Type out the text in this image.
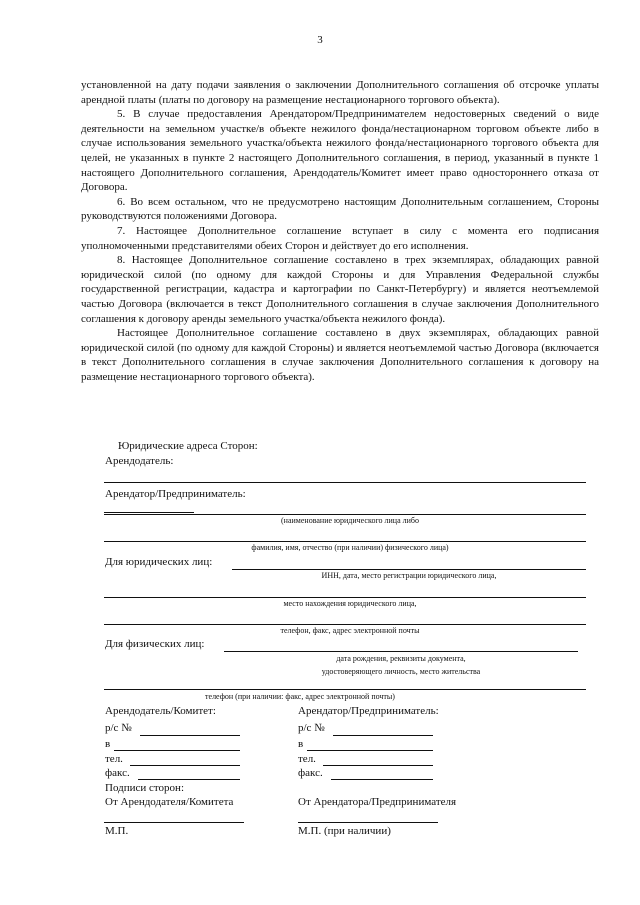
3

установленной на дату подачи заявления о заключении Дополнительного соглашения об отсрочке уплаты арендной платы (платы по договору на размещение нестационарного торгового объекта).

5. В случае предоставления Арендатором/Предпринимателем недостоверных сведений о виде деятельности на земельном участке/в объекте нежилого фонда/нестационарном торговом объекте либо в случае использования земельного участка/объекта нежилого фонда/нестационарного торгового объекта для целей, не указанных в пункте 2 настоящего Дополнительного соглашения, в период, указанный в пункте 1 настоящего Дополнительного соглашения, Арендодатель/Комитет имеет право одностороннего отказа от Договора.

6. Во всем остальном, что не предусмотрено настоящим Дополнительным соглашением, Стороны руководствуются положениями Договора.

7. Настоящее Дополнительное соглашение вступает в силу с момента его подписания уполномоченными представителями обеих Сторон и действует до его исполнения.

8. Настоящее Дополнительное соглашение составлено в трех экземплярах, обладающих равной юридической силой (по одному для каждой Стороны и для Управления Федеральной службы государственной регистрации, кадастра и картографии по Санкт-Петербургу) и является неотъемлемой частью Договора (включается в текст Дополнительного соглашения в случае заключения Дополнительного соглашения к договору аренды земельного участка/объекта нежилого фонда).

Настоящее Дополнительное соглашение составлено в двух экземплярах, обладающих равной юридической силой (по одному для каждой Стороны) и является неотъемлемой частью Договора (включается в текст Дополнительного соглашения в случае заключения Дополнительного соглашения к договору на размещение нестационарного торгового объекта).

Юридические адреса Сторон:
Арендодатель:
Арендатор/Предприниматель:
(наименование юридического лица либо
фамилия, имя, отчество (при наличии) физического лица)
Для юридических лиц:
ИНН, дата, место регистрации юридического лица,
место нахождения юридического лица,
телефон, факс, адрес электронной почты
Для физических лиц:
дата рождения, реквизиты документа,
удостоверяющего личность, место жительства
телефон (при наличии: факс, адрес электронной почты)
Арендодатель/Комитет:	Арендатор/Предприниматель:
р/с №	р/с №
в	в
тел.	тел.
факс.	факс.
Подписи сторон:
От Арендодателя/Комитета	От Арендатора/Предпринимателя
М.П.	М.П. (при наличии)
